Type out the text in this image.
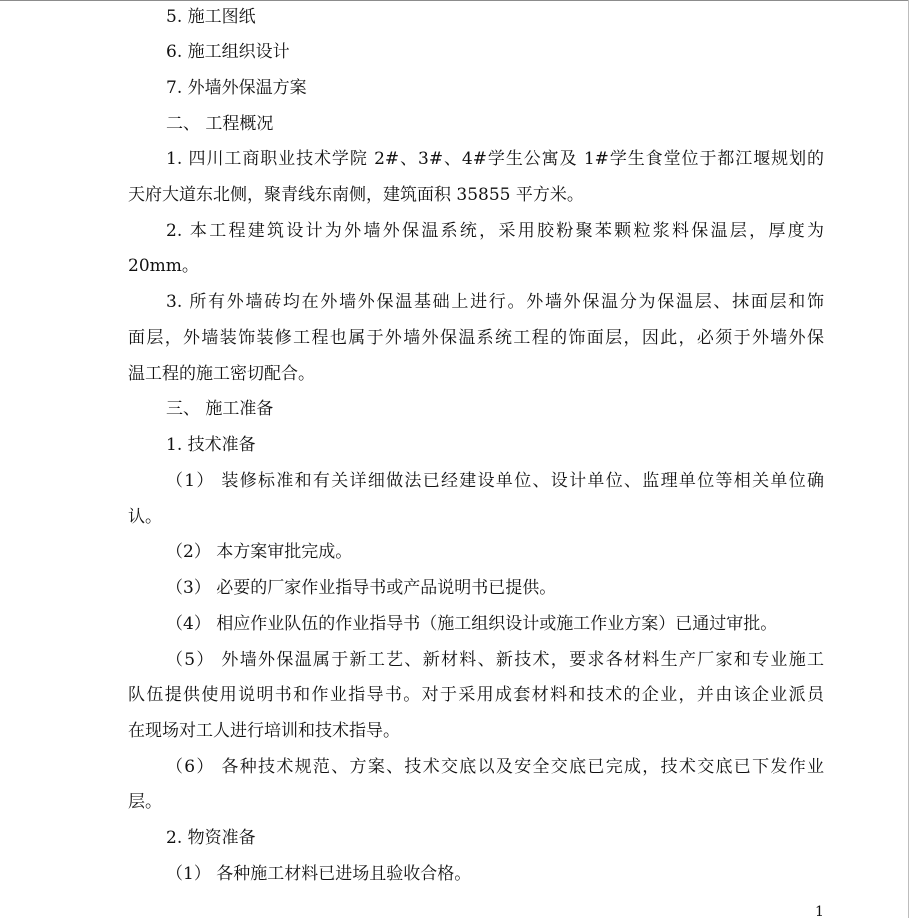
5. 施工图纸
6. 施工组织设计
7. 外墙外保温方案
二、 工程概况
1. 四川工商职业技术学院 2#、3#、4#学生公寓及 1#学生食堂位于都江堰规划的
天府大道东北侧，聚青线东南侧，建筑面积 35855 平方米。
2. 本工程建筑设计为外墙外保温系统，采用胶粉聚苯颗粒浆料保温层，厚度为
20mm。
3. 所有外墙砖均在外墙外保温基础上进行。外墙外保温分为保温层、抹面层和饰
面层，外墙装饰装修工程也属于外墙外保温系统工程的饰面层，因此，必须于外墙外保
温工程的施工密切配合。
三、 施工准备
1. 技术准备
（1） 装修标准和有关详细做法已经建设单位、设计单位、监理单位等相关单位确
认。
（2） 本方案审批完成。
（3） 必要的厂家作业指导书或产品说明书已提供。
（4） 相应作业队伍的作业指导书（施工组织设计或施工作业方案）已通过审批。
（5） 外墙外保温属于新工艺、新材料、新技术，要求各材料生产厂家和专业施工
队伍提供使用说明书和作业指导书。对于采用成套材料和技术的企业，并由该企业派员
在现场对工人进行培训和技术指导。
（6） 各种技术规范、方案、技术交底以及安全交底已完成，技术交底已下发作业
层。
2. 物资准备
（1） 各种施工材料已进场且验收合格。
1
